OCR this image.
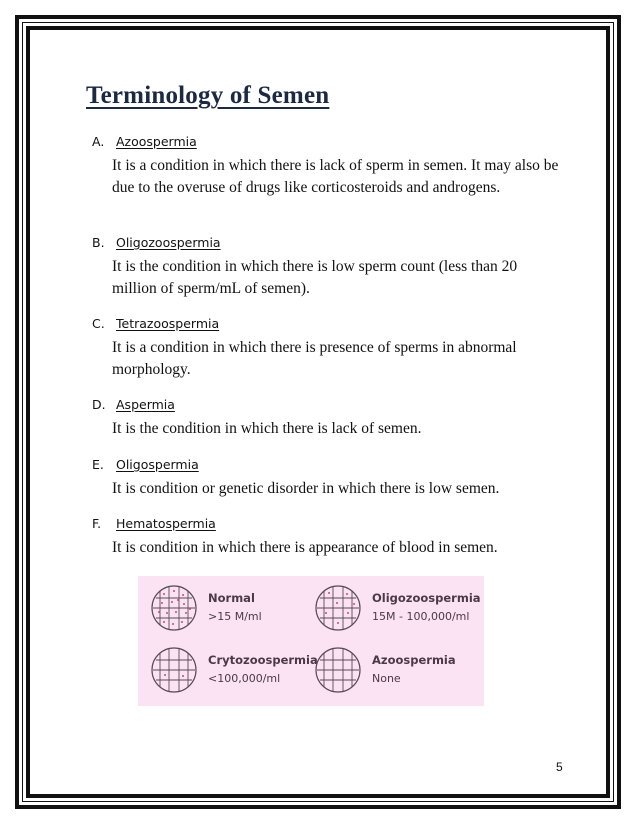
Terminology of Semen
A. Azoospermia
It is a condition in which there is lack of sperm in semen. It may also be due to the overuse of drugs like corticosteroids and androgens.
B. Oligozoospermia
It is the condition in which there is low sperm count (less than 20 million of sperm/mL of semen).
C. Tetrazoospermia
It is a condition in which there is presence of sperms in abnormal morphology.
D. Aspermia
It is the condition in which there is lack of semen.
E. Oligospermia
It is condition or genetic disorder in which there is low semen.
F. Hematospermia
It is condition in which there is appearance of blood in semen.
Normal
>15 M/ml
Oligozoospermia
15M - 100,000/ml
Crytozoospermia
<100,000/ml
Azoospermia
None
5
